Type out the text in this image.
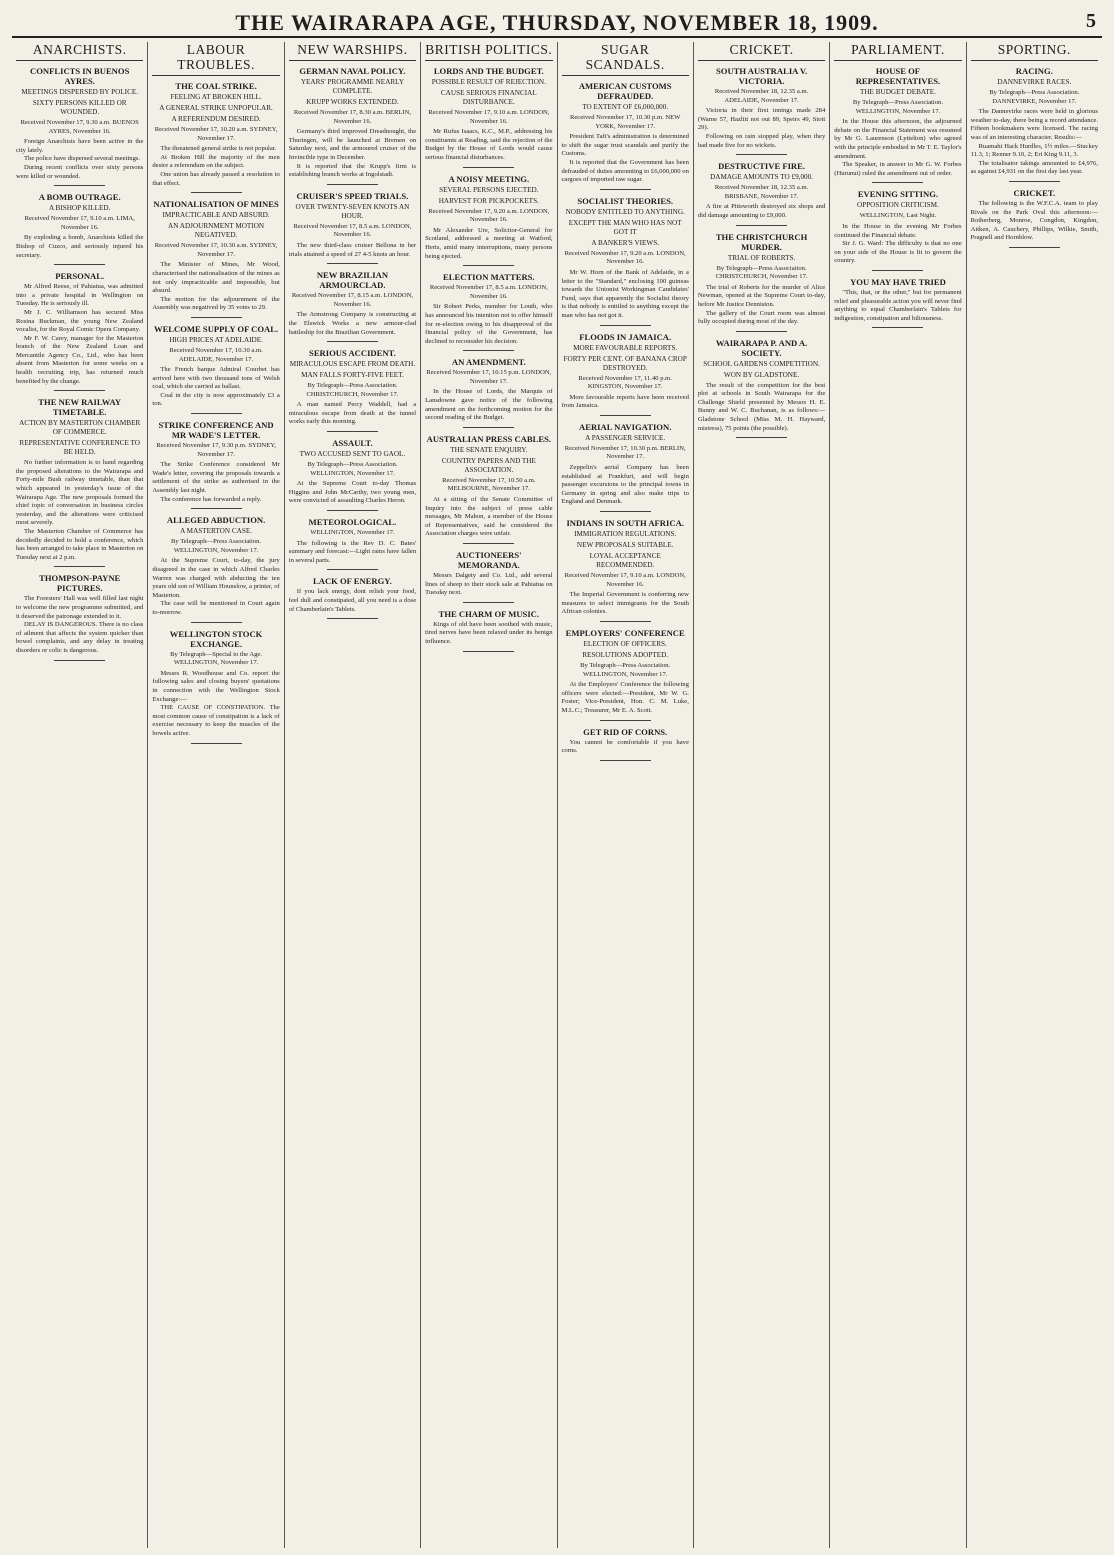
THE WAIRARAPA AGE, THURSDAY, NOVEMBER 18, 1909.	5
ANARCHISTS.
CONFLICTS IN BUENOS AYRES.
MEETINGS DISPERSED BY POLICE.
SIXTY PERSONS KILLED OR WOUNDED.
Received November 17, 9.30 a.m. BUENOS AYRES, November 16.

Foreign Anarchists have been active in the city lately.

The police have dispersed several meetings.

During recent conflicts over sixty persons were killed or wounded.

A BOMB OUTRAGE.
A BISHOP KILLED.
Received November 17, 9.10 a.m. LIMA, November 16.

By exploding a bomb, Anarchists killed the Bishop of Cuzco, and seriously injured his secretary.

PERSONAL.

Mr Alfred Reese, of Pahiatua, was admitted into a private hospital in Wellington on Tuesday. He is seriously ill.

Mr J. C. Williamson has secured Miss Rosina Buckman, the young New Zealand vocalist, for the Royal Comic Opera Company.

Mr F. W. Carey, manager for the Masterton branch of the New Zealand Loan and Mercantile Agency Co., Ltd., who has been absent from Masterton for some weeks on a health recruiting trip, has returned much benefited by the change.

THE NEW RAILWAY TIMETABLE.
ACTION BY MASTERTON CHAMBER OF COMMERCE.
REPRESENTATIVE CONFERENCE TO BE HELD.

No further information is to hand regarding the proposed alterations to the Wairarapa and Forty-mile Bush railway timetable, than that which appeared in yesterday's issue of the Wairarapa Age. The new proposals formed the chief topic of conversation in business circles yesterday, and the alterations were criticised most severely.

The Masterton Chamber of Commerce has decidedly decided to hold a conference, which has been arranged to take place in Masterton on Tuesday next at 2 p.m.

THOMPSON-PAYNE PICTURES.

The Foresters' Hall was well filled last night to welcome the new programme submitted, and it deserved the patronage extended to it.

DELAY IS DANGEROUS. There is no class of ailment that affects the system quicker than bowel complaints, and any delay in treating disorders or colic is dangerous.

LABOUR TROUBLES.
THE COAL STRIKE.
FEELING AT BROKEN HILL.
A GENERAL STRIKE UNPOPULAR.
A REFERENDUM DESIRED.
Received November 17, 10.20 a.m. SYDNEY, November 17.

The threatened general strike is not popular.

At Broken Hill the majority of the men desire a referendum on the subject.

One union has already passed a resolution to that effect.

NATIONALISATION OF MINES
IMPRACTICABLE AND ABSURD.
AN ADJOURNMENT MOTION NEGATIVED.
Received November 17, 10.30 a.m. SYDNEY, November 17.

The Minister of Mines, Mr Wood, characterised the nationalisation of the mines as not only impracticable and impossible, but absurd.

The motion for the adjournment of the Assembly was negatived by 35 votes to 29.

WELCOME SUPPLY OF COAL.
HIGH PRICES AT ADELAIDE.
Received November 17, 10.30 a.m. ADELAIDE, November 17.

The French barque Admiral Courbet has arrived here with two thousand tons of Welsh coal, which she carried as ballast.

Coal in the city is now approximately £3 a ton.

STRIKE CONFERENCE AND MR WADE'S LETTER.
Received November 17, 9.30 p.m. SYDNEY, November 17.

The Strike Conference considered Mr Wade's letter, covering the proposals towards a settlement of the strike as authorised in the Assembly last night.

The conference has forwarded a reply.

ALLEGED ABDUCTION.
A MASTERTON CASE.
By Telegraph—Press Association. WELLINGTON, November 17.

At the Supreme Court, to-day, the jury disagreed in the case in which Alfred Charles Warren was charged with abducting the ten years old son of William Hounslow, a printer, of Masterton.

The case will be mentioned in Court again to-morrow.

WELLINGTON STOCK EXCHANGE.
By Telegraph—Special to the Age. WELLINGTON, November 17.

Messrs R. Woodhouse and Co. report the following sales and closing buyers' quotations in connection with the Wellington Stock Exchange:—

THE CAUSE OF CONSTIPATION. The most common cause of constipation is a lack of exercise necessary to keep the muscles of the bowels active.

NEW WARSHIPS.
GERMAN NAVAL POLICY.
YEARS' PROGRAMME NEARLY COMPLETE.
KRUPP WORKS EXTENDED.
Received November 17, 8.30 a.m. BERLIN, November 16.

Germany's third improved Dreadnought, the Thuringen, will be launched at Bremen on Saturday next, and the armoured cruiser of the Invincible type in December.

It is reported that the Krupp's firm is establishing branch works at Ingolstadt.

CRUISER'S SPEED TRIALS.
OVER TWENTY-SEVEN KNOTS AN HOUR.
Received November 17, 8.5 a.m. LONDON, November 16.

The new third-class cruiser Bellona in her trials attained a speed of 27 4-5 knots an hour.

NEW BRAZILIAN ARMOURCLAD.
Received November 17, 8.15 a.m. LONDON, November 16.

The Armstrong Company is constructing at the Elswick Works a new armour-clad battleship for the Brazilian Government.

SERIOUS ACCIDENT.
MIRACULOUS ESCAPE FROM DEATH.
MAN FALLS FORTY-FIVE FEET.
By Telegraph—Press Association. CHRISTCHURCH, November 17.

A man named Percy Waddell, had a miraculous escape from death at the tunnel works early this morning.

ASSAULT.
TWO ACCUSED SENT TO GAOL.
By Telegraph—Press Association. WELLINGTON, November 17.

At the Supreme Court to-day Thomas Higgins and John McCarthy, two young men, were convicted of assaulting Charles Heron.

METEOROLOGICAL.
WELLINGTON, November 17.

The following is the Rev D. C. Bates' summary and forecast:—Light rains have fallen in several parts.

LACK OF ENERGY.

If you lack energy, dont relish your food, feel dull and constipated, all you need is a dose of Chamberlain's Tablets.

BRITISH POLITICS.
LORDS AND THE BUDGET.
POSSIBLE RESULT OF REJECTION.
CAUSE SERIOUS FINANCIAL DISTURBANCE.
Received November 17, 9.10 a.m. LONDON, November 16.

Mr Rufus Isaacs, K.C., M.P., addressing his constituents at Reading, said the rejection of the Budget by the House of Lords would cause serious financial disturbances.

A NOISY MEETING.
SEVERAL PERSONS EJECTED.
HARVEST FOR PICKPOCKETS.
Received November 17, 9.20 a.m. LONDON, November 16.

Mr Alexander Ure, Solicitor-General for Scotland, addressed a meeting at Watford, Herts, amid many interruptions, many persons being ejected.

ELECTION MATTERS.
Received November 17, 8.5 a.m. LONDON, November 16.

Sir Robert Perks, member for Louth, who has announced his intention not to offer himself for re-election owing to his disapproval of the financial policy of the Government, has declined to reconsider his decision.

AN AMENDMENT.
Received November 17, 10.15 p.m. LONDON, November 17.

In the House of Lords, the Marquis of Lansdowne gave notice of the following amendment on the forthcoming motion for the second reading of the Budget.

AUSTRALIAN PRESS CABLES.
THE SENATE ENQUIRY.
COUNTRY PAPERS AND THE ASSOCIATION.
Received November 17, 10.50 a.m. MELBOURNE, November 17.

At a sitting of the Senate Committee of Inquiry into the subject of press cable messages, Mr Mahon, a member of the House of Representatives, said he considered the Association charges were unfair.

AUCTIONEERS' MEMORANDA.

Messrs Dalgety and Co. Ltd., add several lines of sheep to their stock sale at Pahiatua on Tuesday next.

THE CHARM OF MUSIC.

Kings of old have been soothed with music, tired nerves have been relaxed under its benign influence.

SUGAR SCANDALS.
AMERICAN CUSTOMS DEFRAUDED.
TO EXTENT OF £6,000,000.
Received November 17, 10.30 p.m. NEW YORK, November 17.

President Taft's administration is determined to shift the sugar trust scandals and purify the Customs.

It is reported that the Government has been defrauded of duties amounting to £6,000,000 on cargoes of imported raw sugar.

SOCIALIST THEORIES.
NOBODY ENTITLED TO ANYTHING.
EXCEPT THE MAN WHO HAS NOT GOT IT
A BANKER'S VIEWS.
Received November 17, 9.20 a.m. LONDON, November 16.

Mr W. Horn of the Bank of Adelaide, in a letter to the "Standard," enclosing 100 guineas towards the Unionist Workingman Candidates' Fund, says that apparently the Socialist theory is that nobody is entitled to anything except the man who has not got it.

FLOODS IN JAMAICA.
MORE FAVOURABLE REPORTS.
FORTY PER CENT. OF BANANA CROP DESTROYED.
Received November 17, 11.40 p.m. KINGSTON, November 17.

More favourable reports have been received from Jamaica.

AERIAL NAVIGATION.
A PASSENGER SERVICE.
Received November 17, 10.30 p.m. BERLIN, November 17.

Zeppelin's aerial Company has been established at Frankfurt, and will begin passenger excursions to the principal towns in Germany in spring and also make trips to England and Denmark.

INDIANS IN SOUTH AFRICA.
IMMIGRATION REGULATIONS.
NEW PROPOSALS SUITABLE.
LOYAL ACCEPTANCE RECOMMENDED.
Received November 17, 9.10 a.m. LONDON, November 16.

The Imperial Government is conferring new measures to select immigrants for the South African colonies.

EMPLOYERS' CONFERENCE
ELECTION OF OFFICERS.
RESOLUTIONS ADOPTED.
By Telegraph—Press Association. WELLINGTON, November 17.

At the Employers' Conference the following officers were elected:—President, Mr W. G. Foster; Vice-President, Hon. C. M. Luke, M.L.C.; Treasurer, Mr E. A. Scott.

GET RID OF CORNS.

You cannot be comfortable if you have corns.

CRICKET.
SOUTH AUSTRALIA V. VICTORIA.
Received November 18, 12.35 a.m. ADELAIDE, November 17.

Victoria in their first innings made 284 (Warne 57, Hazlitt not out 89, Speirs 49, Stott 29).

Following on rain stopped play, when they had made five for no wickets.

DESTRUCTIVE FIRE.
DAMAGE AMOUNTS TO £9,000.
Received November 18, 12.35 a.m. BRISBANE, November 17.

A fire at Pittsworth destroyed six shops and did damage amounting to £9,000.

THE CHRISTCHURCH MURDER.
TRIAL OF ROBERTS.
By Telegraph—Press Association. CHRISTCHURCH, November 17.

The trial of Roberts for the murder of Alice Newman, opened at the Supreme Court to-day, before Mr Justice Denniston.

The gallery of the Court room was almost fully occupied during most of the day.

WAIRARAPA P. AND A. SOCIETY.
SCHOOL GARDENS COMPETITION.
WON BY GLADSTONE.

The result of the competition for the best plot at schools in South Wairarapa for the Challenge Shield presented by Messrs H. E. Bunny and W. C. Buchanan, is as follows:—Gladstone School (Miss M. H. Hayward, mistress), 75 points (the possible).

PARLIAMENT.
HOUSE OF REPRESENTATIVES.
THE BUDGET DEBATE.
By Telegraph—Press Association. WELLINGTON, November 17.

In the House this afternoon, the adjourned debate on the Financial Statement was resumed by Mr G. Laurenson (Lyttelton) who agreed with the principle embodied in Mr T. E. Taylor's amendment.

The Speaker, in answer to Mr G. W. Forbes (Hurunui) ruled the amendment out of order.

EVENING SITTING.
OPPOSITION CRITICISM.
WELLINGTON, Last Night.

In the House in the evening Mr Forbes continued the Financial debate.

Sir J. G. Ward: The difficulty is that no one on your side of the House is fit to govern the country.

YOU MAY HAVE TRIED

"This, that, or the other," but for permanent relief and pleasurable action you will never find anything to equal Chamberlain's Tablets for indigestion, constipation and biliousness.

SPORTING.
RACING.
DANNEVIRKE RACES.
By Telegraph—Press Association. DANNEVIRKE, November 17.

The Dannevirke races were held in glorious weather to-day, there being a record attendance. Fifteen bookmakers were licensed. The racing was of an interesting character. Results:—

Ruamahi Hack Hurdles, 1½ miles.—Stuckey 11.3, 1; Renner 9.10, 2; Eri King 9.11, 3.

The totalisator takings amounted to £4,976, as against £4,931 on the first day last year.

CRICKET.

The following is the W.F.C.A. team to play Rivals on the Park Oval this afternoon:—Rotherberg, Monroe, Congdon, Kingdon, Aitken, A. Cauchery, Phillips, Wilkie, Smith, Pragnell and Hornblow.
